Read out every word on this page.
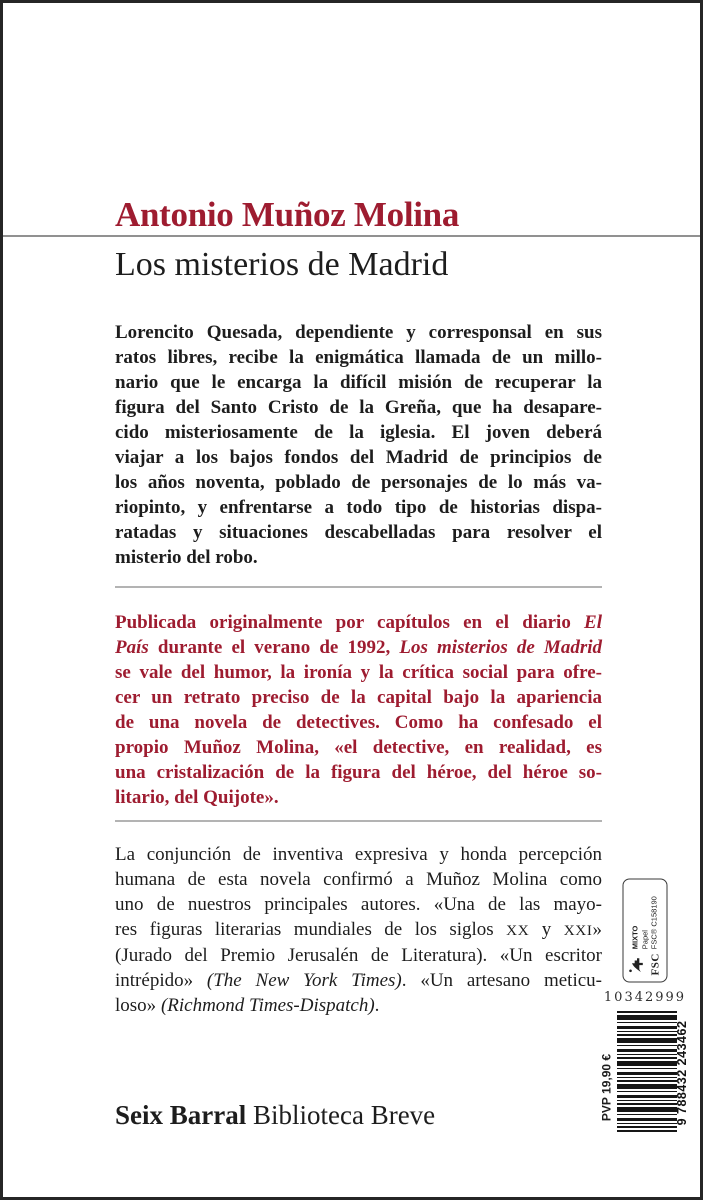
Antonio Muñoz Molina
Los misterios de Madrid
Lorencito Quesada, dependiente y corresponsal en sus
ratos libres, recibe la enigmática llamada de un millo-
nario que le encarga la difícil misión de recuperar la
figura del Santo Cristo de la Greña, que ha desapare-
cido misteriosamente de la iglesia. El joven deberá
viajar a los bajos fondos del Madrid de principios de
los años noventa, poblado de personajes de lo más va-
riopinto, y enfrentarse a todo tipo de historias dispa-
ratadas y situaciones descabelladas para resolver el
misterio del robo.
Publicada originalmente por capítulos en el diario El
País durante el verano de 1992, Los misterios de Madrid
se vale del humor, la ironía y la crítica social para ofre-
cer un retrato preciso de la capital bajo la apariencia
de una novela de detectives. Como ha confesado el
propio Muñoz Molina, «el detective, en realidad, es
una cristalización de la figura del héroe, del héroe so-
litario, del Quijote».
La conjunción de inventiva expresiva y honda percepción
humana de esta novela confirmó a Muñoz Molina como
uno de nuestros principales autores. «Una de las mayo-
res figuras literarias mundiales de los siglos XX y XXI»
(Jurado del Premio Jerusalén de Literatura). «Un escritor
intrépido» (The New York Times). «Un artesano meticu-
loso» (Richmond Times-Dispatch).
Seix Barral Biblioteca Breve
FSC
MIXTO Papel FSC® C158190
10342999
PVP 19,90 €	9 788432 243462
